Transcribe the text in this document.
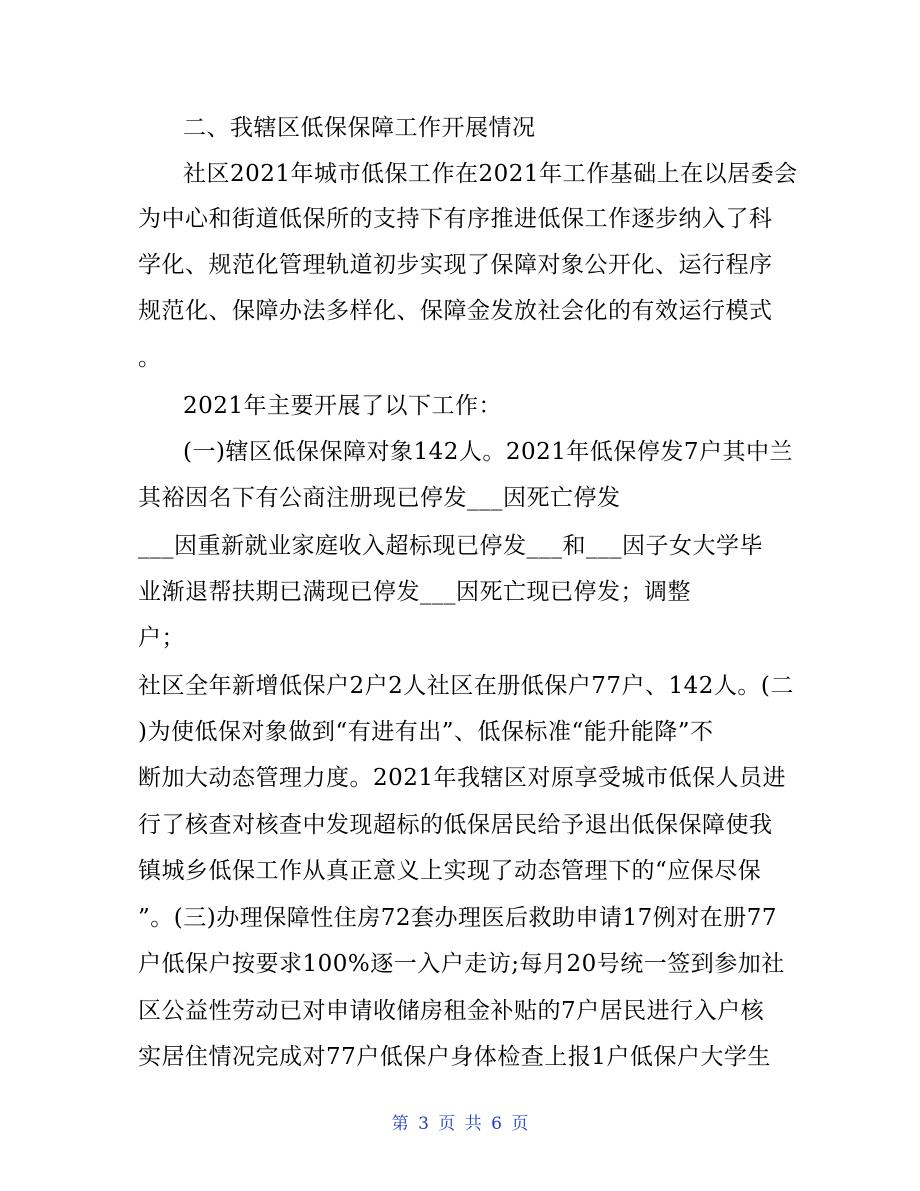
二、我辖区低保保障工作开展情况
社区2021年城市低保工作在2021年工作基础上在以居委会
为中心和街道低保所的支持下有序推进低保工作逐步纳入了科
学化、规范化管理轨道初步实现了保障对象公开化、运行程序
规范化、保障办法多样化、保障金发放社会化的有效运行模式
。
2021年主要开展了以下工作：
(一)辖区低保保障对象142人。2021年低保停发7户其中兰
其裕因名下有公商注册现已停发___因死亡停发
___因重新就业家庭收入超标现已停发___和___因子女大学毕
业渐退帮扶期已满现已停发___因死亡现已停发；调整
户；
社区全年新增低保户2户2人社区在册低保户77户、142人。(二
)为使低保对象做到“有进有出”、低保标准“能升能降”不
断加大动态管理力度。2021年我辖区对原享受城市低保人员进
行了核查对核查中发现超标的低保居民给予退出低保保障使我
镇城乡低保工作从真正意义上实现了动态管理下的“应保尽保
”。(三)办理保障性住房72套办理医后救助申请17例对在册77
户低保户按要求100%逐一入户走访;每月20号统一签到参加社
区公益性劳动已对申请收储房租金补贴的7户居民进行入户核
实居住情况完成对77户低保户身体检查上报1户低保户大学生
第 3 页 共 6 页
